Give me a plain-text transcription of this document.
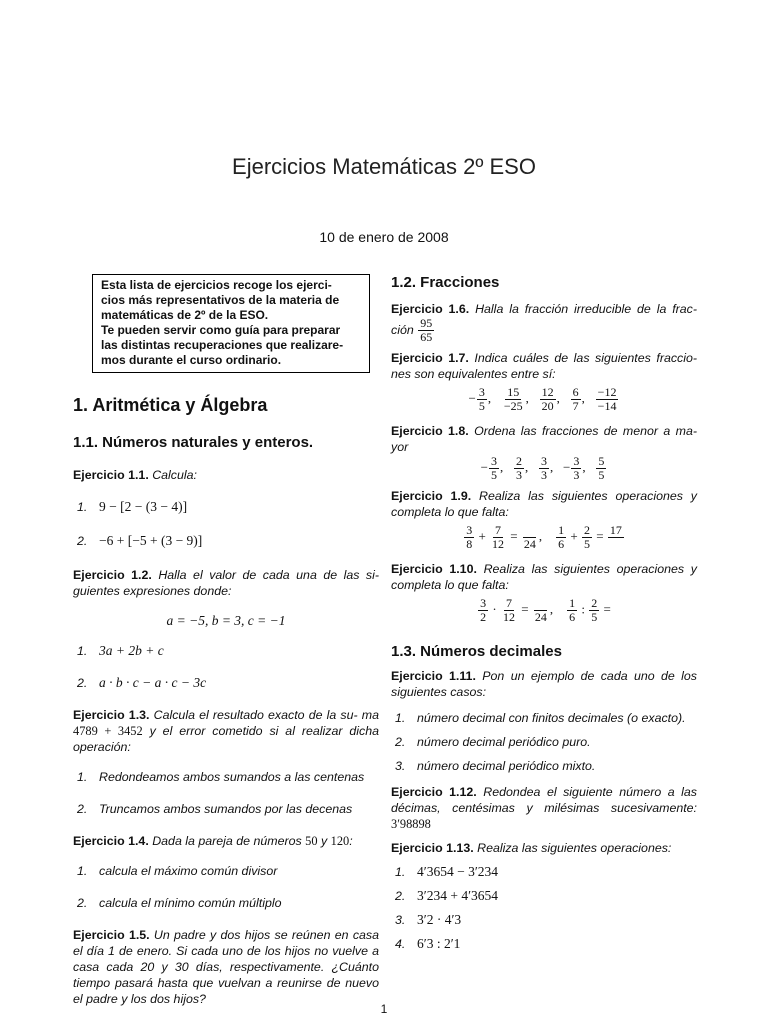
Ejercicios Matemáticas 2º ESO
10 de enero de 2008
Esta lista de ejercicios recoge los ejerci-
cios más representativos de la materia de
matemáticas de 2º de la ESO.
Te pueden servir como guía para preparar
las distintas recuperaciones que realizare-
mos durante el curso ordinario.
1. Aritmética y Álgebra
1.1. Números naturales y enteros.

Ejercicio 1.1. Calcula:

1. 9 − [2 − (3 − 4)]
2. −6 + [−5 + (3 − 9)]

Ejercicio 1.2. Halla el valor de cada una de las si- guientes expresiones donde:

a = −5, b = 3, c = −1
1. 3a + 2b + c
2. a · b · c − a · c − 3c

Ejercicio 1.3. Calcula el resultado exacto de la su- ma 4789 + 3452 y el error cometido si al realizar dicha operación:

1. Redondeamos ambos sumandos a las centenas
2. Truncamos ambos sumandos por las decenas

Ejercicio 1.4. Dada la pareja de números 50 y 120:

1. calcula el máximo común divisor
2. calcula el mínimo común múltiplo

Ejercicio 1.5. Un padre y dos hijos se reúnen en casa el día 1 de enero. Si cada uno de los hijos no vuelve a casa cada 20 y 30 días, respectivamente. ¿Cuánto tiempo pasará hasta que vuelvan a reunirse de nuevo el padre y los dos hijos?

1.2. Fracciones

Ejercicio 1.6. Halla la fracción irreducible de la frac- ción $\frac{95}{65}$

Ejercicio 1.7. Indica cuáles de las siguientes fraccio- nes son equivalentes entre sí:

− $\frac{3}{5}$ , $\frac{15}{-25}$ , $\frac{12}{20}$ , $\frac{6}{7}$ , $\frac{-12}{-14}$

Ejercicio 1.8. Ordena las fracciones de menor a ma- yor

− $\frac{3}{5}$ , $\frac{2}{3}$ , $\frac{3}{3}$ ,   − $\frac{3}{3}$ , $\frac{5}{5}$

Ejercicio 1.9. Realiza las siguientes operaciones y completa lo que falta:

$\frac{3}{8} + \frac{7}{12}$ =

24
, $\frac{1}{6} + \frac{2}{5} = 17$

Ejercicio 1.10. Realiza las siguientes operaciones y completa lo que falta:

$\frac{3}{2} \cdot \frac{7}{12}$ =

24
, $\frac{1}{6}$ : $\frac{2}{5}$ =
1.3. Números decimales

Ejercicio 1.11. Pon un ejemplo de cada uno de los siguientes casos:

1. número decimal con finitos decimales (o exacto).
2. número decimal periódico puro.
3. número decimal periódico mixto.

Ejercicio 1.12. Redondea el siguiente número a las décimas, centésimas y milésimas sucesivamente: 3′98898

Ejercicio 1.13. Realiza las siguientes operaciones:

1. 4′3654 − 3′234
2. 3′234 + 4′3654
3. 3′2 · 4′3
4. 6′3 : 2′1
1
